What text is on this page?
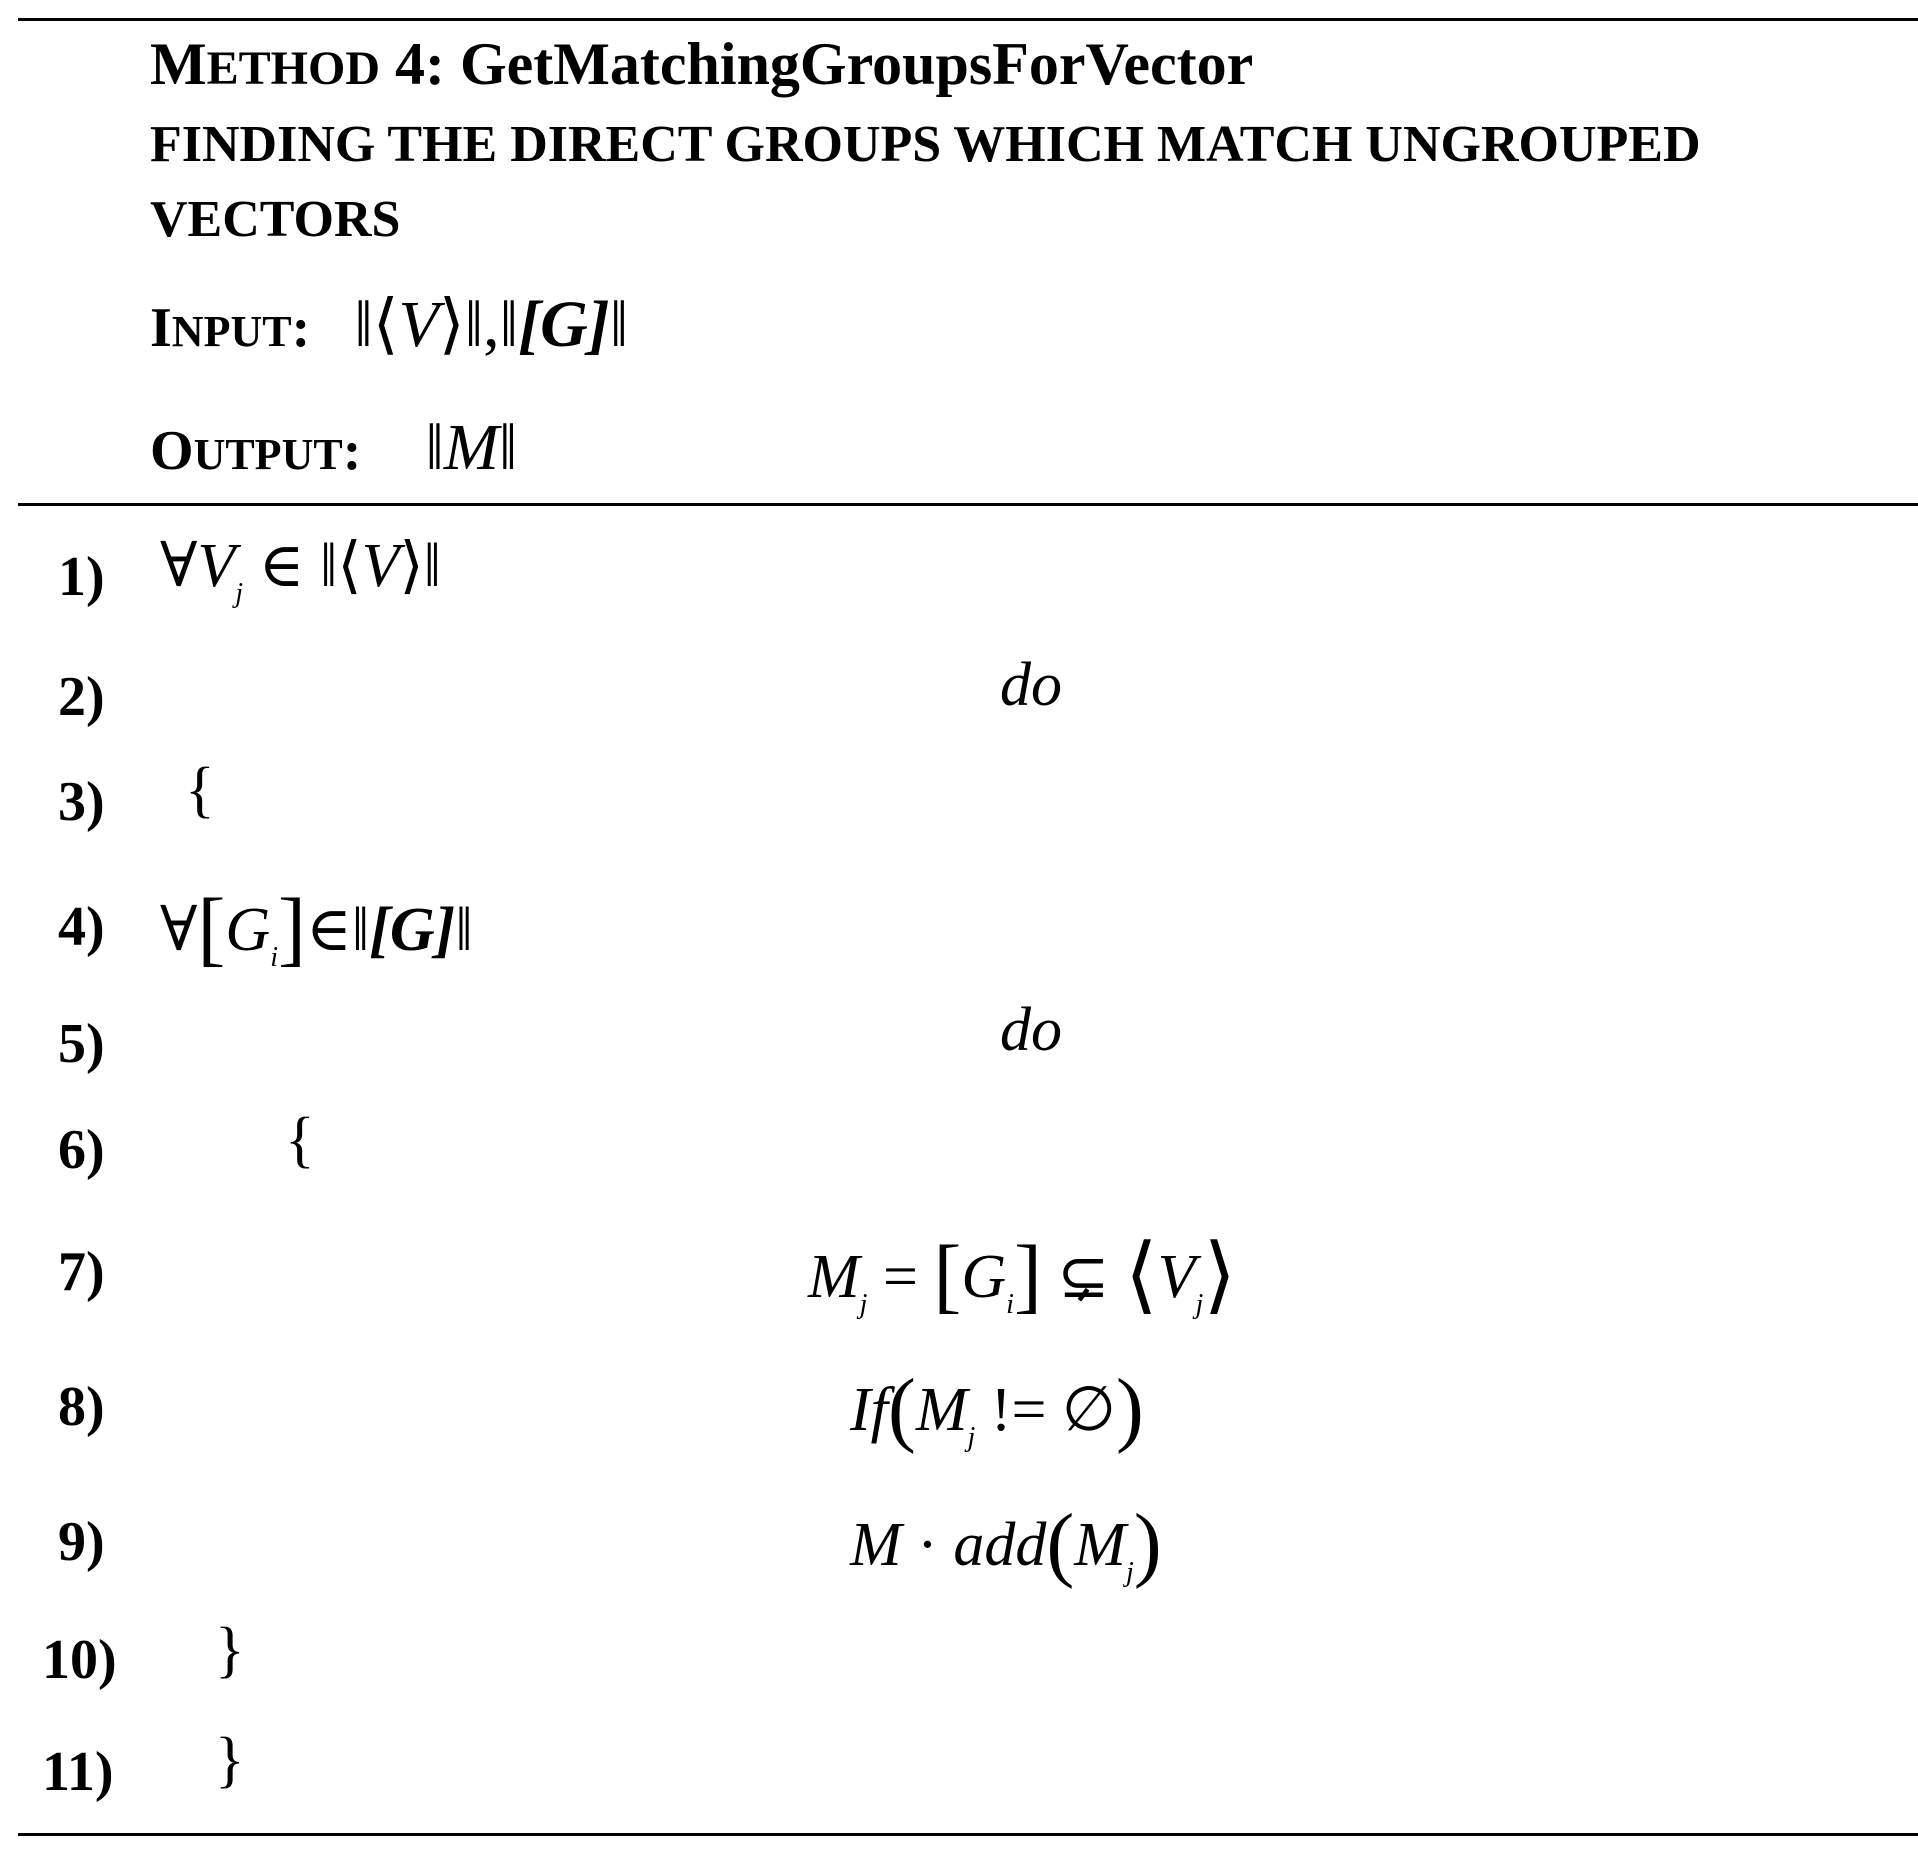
METHOD 4: GetMatchingGroupsForVector
FINDING THE DIRECT GROUPS WHICH MATCH UNGROUPED
VECTORS
INPUT: ‖⟨V⟩‖,‖[G]‖
OUTPUT: ‖M‖
1)
2)
3)
4)
5)
6)
7)
8)
9)
10)
11)
$\forall V_j$ ∈ ‖⟨V⟩‖
do
{
$\forall[G_i]\in‖[G]‖$
do
{
$M_j = [G_i]$ ⊊ $⟨V_j⟩$
$If(M_j$ != ∅)
$M \cdot add(M_j)$
}
}
